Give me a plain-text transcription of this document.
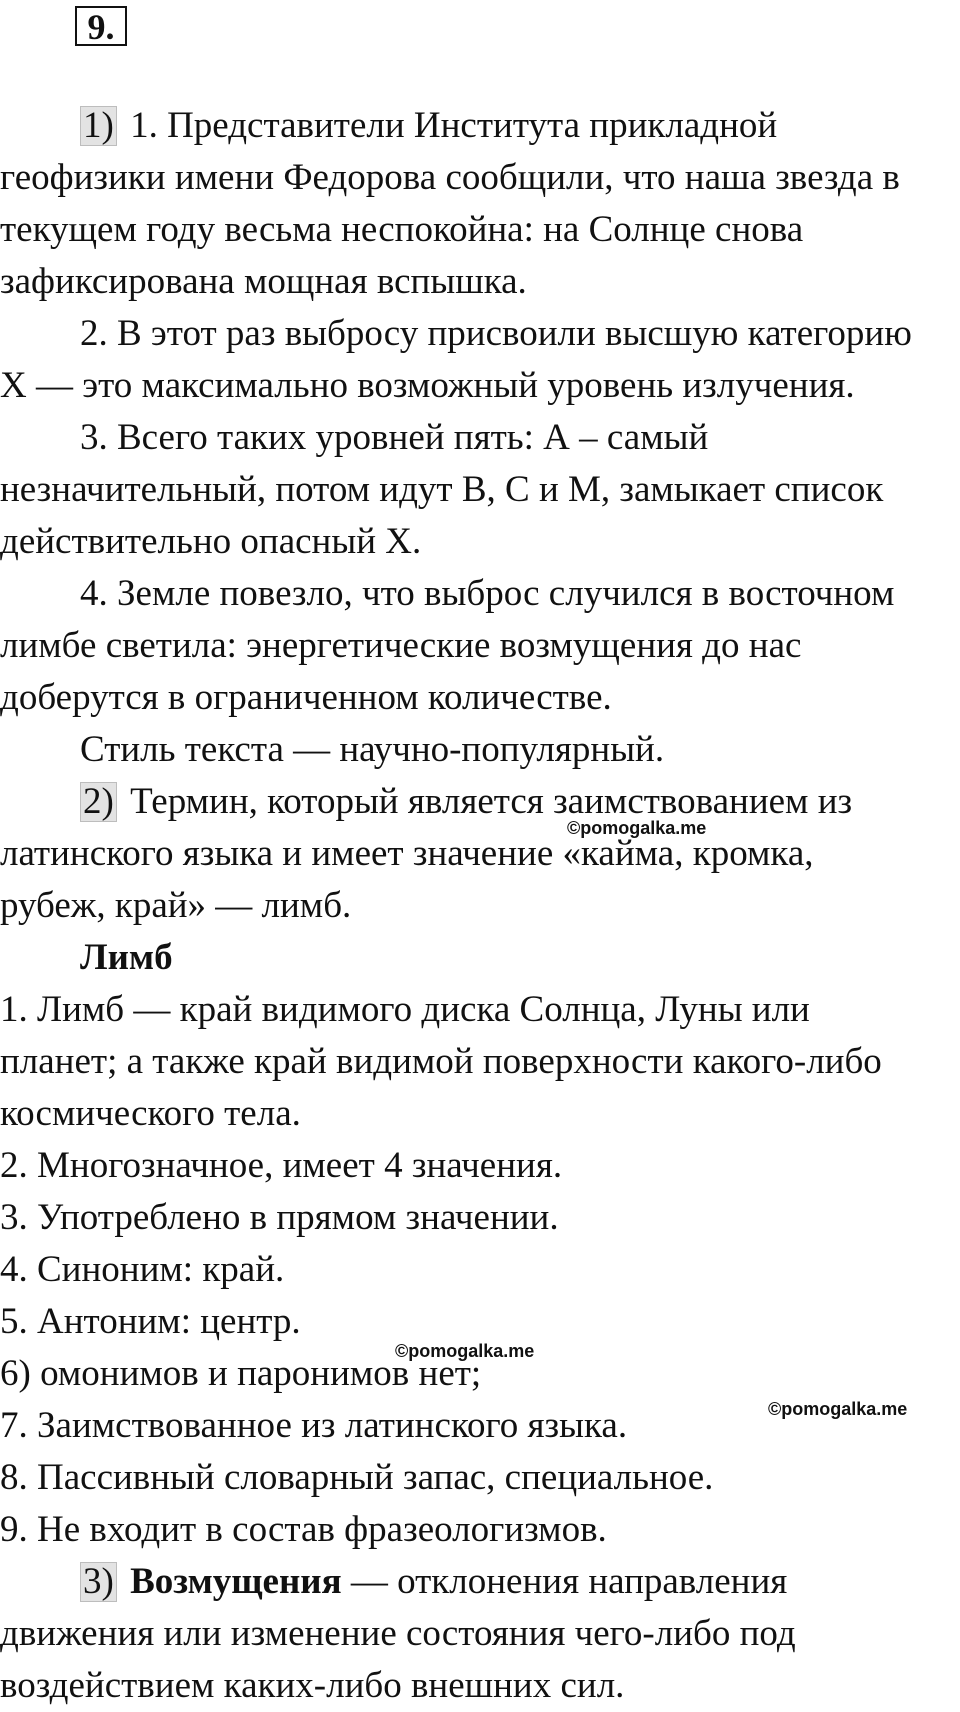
9.
1) 1. Представители Института прикладной
геофизики имени Федорова сообщили, что наша звезда в
текущем году весьма неспокойна: на Солнце снова
зафиксирована мощная вспышка.
2. В этот раз выбросу присвоили высшую категорию
X — это максимально возможный уровень излучения.
3. Всего таких уровней пять: А – самый
незначительный, потом идут B, C и M, замыкает список
действительно опасный X.
4. Земле повезло, что выброс случился в восточном
лимбе светила: энергетические возмущения до нас
доберутся в ограниченном количестве.
Стиль текста — научно-популярный.
2) Термин, который является заимствованием из
латинского языка и имеет значение «кайма, кромка,
рубеж, край» — лимб.
Лимб
1. Лимб — край видимого диска Солнца, Луны или
планет; а также край видимой поверхности какого-либо
космического тела.
2. Многозначное, имеет 4 значения.
3. Употреблено в прямом значении.
4. Синоним: край.
5. Антоним: центр.
6) омонимов и паронимов нет;
7. Заимствованное из латинского языка.
8. Пассивный словарный запас, специальное.
9. Не входит в состав фразеологизмов.
3) Возмущения — отклонения направления
движения или изменение состояния чего-либо под
воздействием каких-либо внешних сил.
©pomogalka.me
©pomogalka.me
©pomogalka.me
